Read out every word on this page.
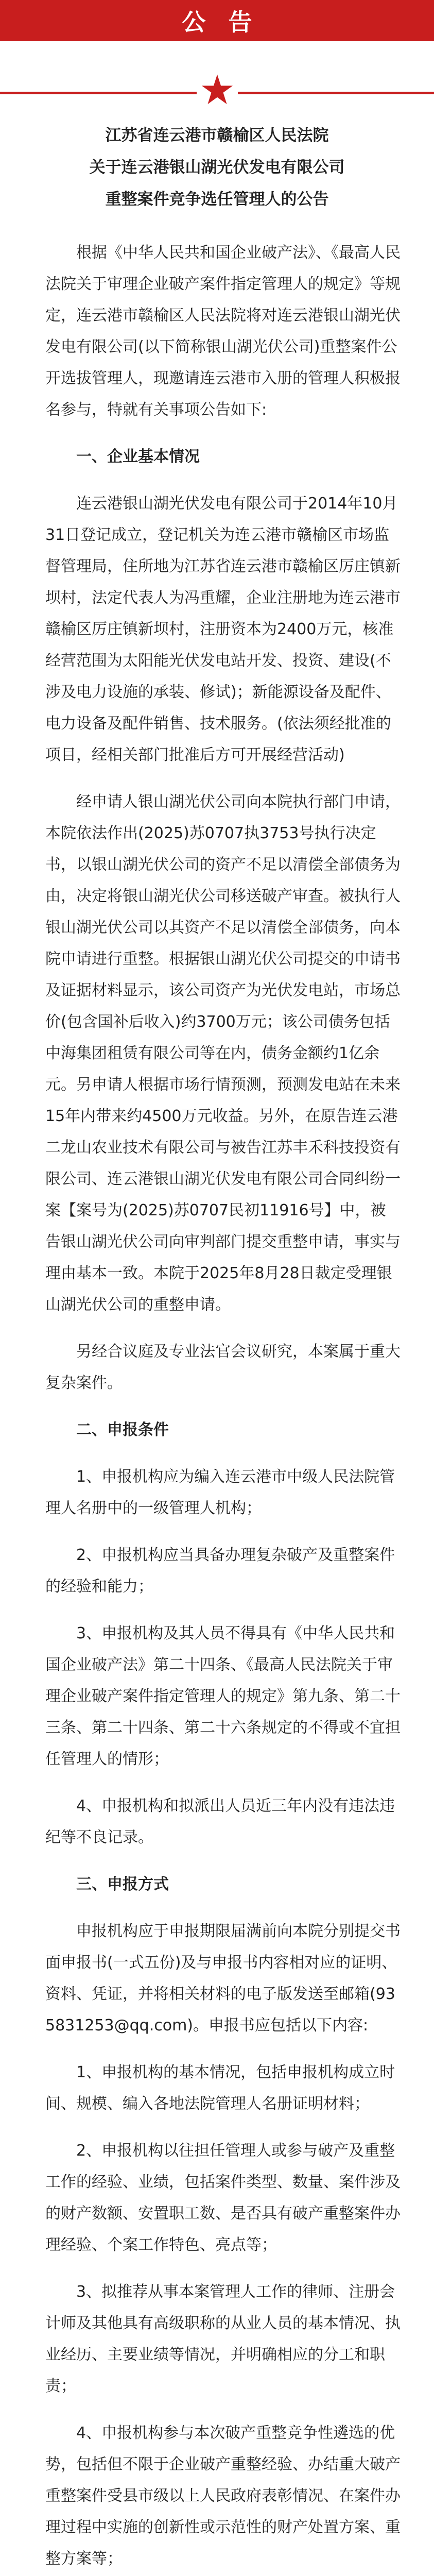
公告
江苏省连云港市赣榆区人民法院
关于连云港银山湖光伏发电有限公司
重整案件竞争选任管理人的公告

根据《中华人民共和国企业破产法》、《最高人民法院关于审理企业破产案件指定管理人的规定》等规定，连云港市赣榆区人民法院将对连云港银山湖光伏发电有限公司(以下简称银山湖光伏公司)重整案件公开选拔管理人，现邀请连云港市入册的管理人积极报名参与，特就有关事项公告如下:

一、企业基本情况

连云港银山湖光伏发电有限公司于2014年10月31日登记成立，登记机关为连云港市赣榆区市场监督管理局，住所地为江苏省连云港市赣榆区厉庄镇新坝村，法定代表人为冯重耀，企业注册地为连云港市赣榆区厉庄镇新坝村，注册资本为2400万元，核准经营范围为太阳能光伏发电站开发、投资、建设(不涉及电力设施的承装、修试)；新能源设备及配件、电力设备及配件销售、技术服务。(依法须经批准的项目，经相关部门批准后方可开展经营活动)

经申请人银山湖光伏公司向本院执行部门申请，本院依法作出(2025)苏0707执3753号执行决定书，以银山湖光伏公司的资产不足以清偿全部债务为由，决定将银山湖光伏公司移送破产审查。被执行人银山湖光伏公司以其资产不足以清偿全部债务，向本院申请进行重整。根据银山湖光伏公司提交的申请书及证据材料显示，该公司资产为光伏发电站，市场总价(包含国补后收入)约3700万元；该公司债务包括中海集团租赁有限公司等在内，债务金额约1亿余元。另申请人根据市场行情预测，预测发电站在未来15年内带来约4500万元收益。另外，在原告连云港二龙山农业技术有限公司与被告江苏丰禾科技投资有限公司、连云港银山湖光伏发电有限公司合同纠纷一案【案号为(2025)苏0707民初11916号】中，被告银山湖光伏公司向审判部门提交重整申请，事实与理由基本一致。本院于2025年8月28日裁定受理银山湖光伏公司的重整申请。

另经合议庭及专业法官会议研究，本案属于重大复杂案件。

二、申报条件

1、申报机构应为编入连云港市中级人民法院管理人名册中的一级管理人机构；

2、申报机构应当具备办理复杂破产及重整案件的经验和能力；

3、申报机构及其人员不得具有《中华人民共和国企业破产法》第二十四条、《最高人民法院关于审理企业破产案件指定管理人的规定》第九条、第二十三条、第二十四条、第二十六条规定的不得或不宜担任管理人的情形；

4、申报机构和拟派出人员近三年内没有违法违纪等不良记录。

三、申报方式

申报机构应于申报期限届满前向本院分别提交书面申报书(一式五份)及与申报书内容相对应的证明、资料、凭证，并将相关材料的电子版发送至邮箱(935831253@qq.com)。申报书应包括以下内容:

1、申报机构的基本情况，包括申报机构成立时间、规模、编入各地法院管理人名册证明材料；

2、申报机构以往担任管理人或参与破产及重整工作的经验、业绩，包括案件类型、数量、案件涉及的财产数额、安置职工数、是否具有破产重整案件办理经验、个案工作特色、亮点等；

3、拟推荐从事本案管理人工作的律师、注册会计师及其他具有高级职称的从业人员的基本情况、执业经历、主要业绩等情况，并明确相应的分工和职责；

4、申报机构参与本次破产重整竞争性遴选的优势，包括但不限于企业破产重整经验、办结重大破产重整案件受县市级以上人民政府表彰情况、在案件办理过程中实施的创新性或示范性的财产处置方案、重整方案等；
